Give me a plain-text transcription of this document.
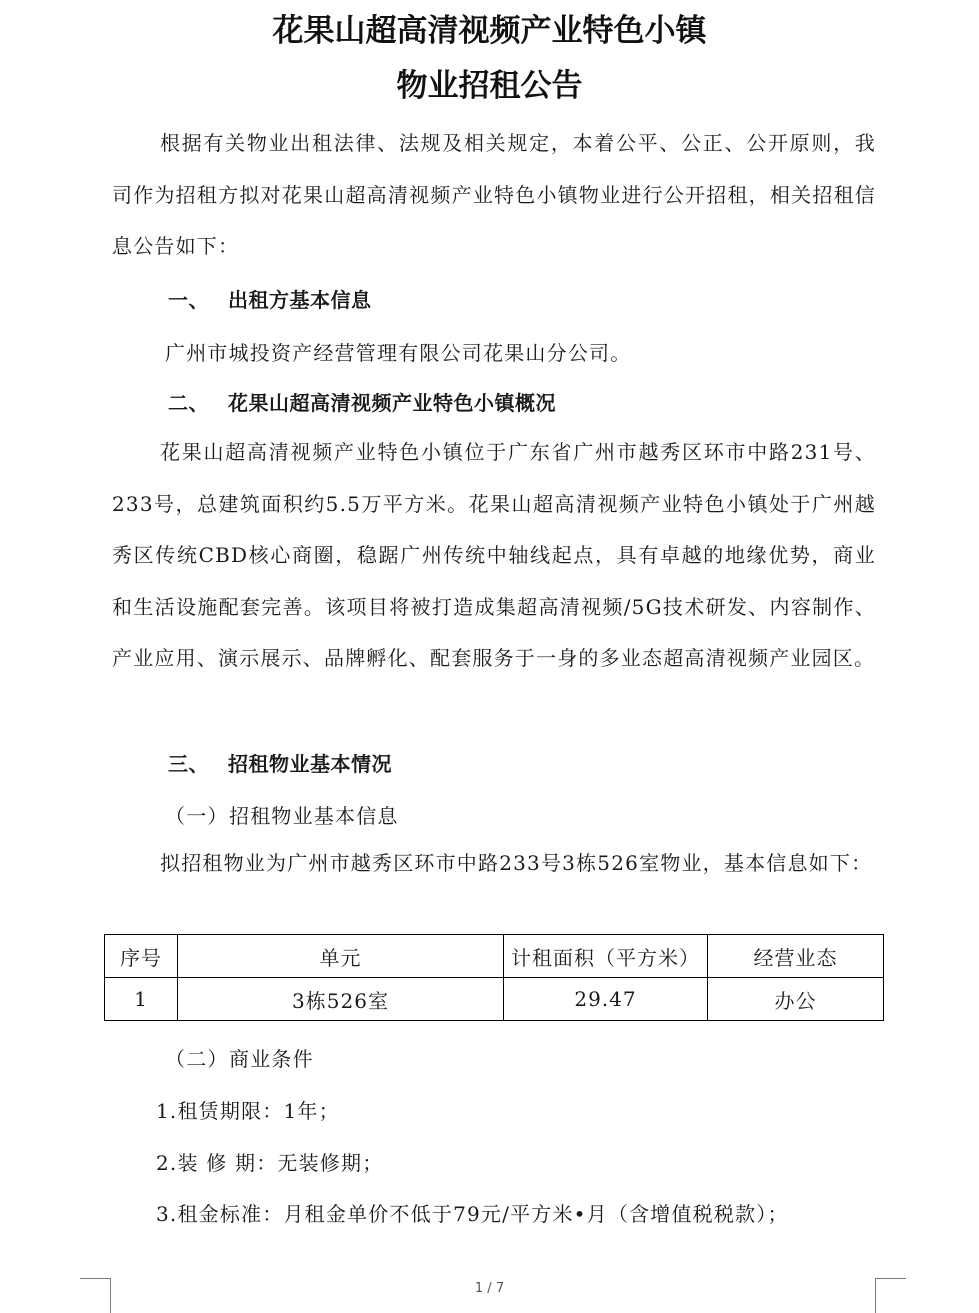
花果山超高清视频产业特色小镇
物业招租公告

根据有关物业出租法律、法规及相关规定，本着公平、公正、公开原则，我司作为招租方拟对花果山超高清视频产业特色小镇物业进行公开招租，相关招租信息公告如下：

一、 出租方基本信息
广州市城投资产经营管理有限公司花果山分公司。
二、 花果山超高清视频产业特色小镇概况

花果山超高清视频产业特色小镇位于广东省广州市越秀区环市中路231号、233号，总建筑面积约5.5万平方米。花果山超高清视频产业特色小镇处于广州越秀区传统CBD核心商圈，稳踞广州传统中轴线起点，具有卓越的地缘优势，商业和生活设施配套完善。该项目将被打造成集超高清视频/5G技术研发、内容制作、产业应用、演示展示、品牌孵化、配套服务于一身的多业态超高清视频产业园区。

三、 招租物业基本情况
（一）招租物业基本信息

拟招租物业为广州市越秀区环市中路233号3栋526室物业，基本信息如下：

序号	单元	计租面积（平方米）	经营业态
1	3栋526室	29.47	办公
（二）商业条件
1.租赁期限：1年；
2.装 修 期：无装修期；
3.租金标准：月租金单价不低于79元/平方米•月（含增值税税款）；
1 / 7
